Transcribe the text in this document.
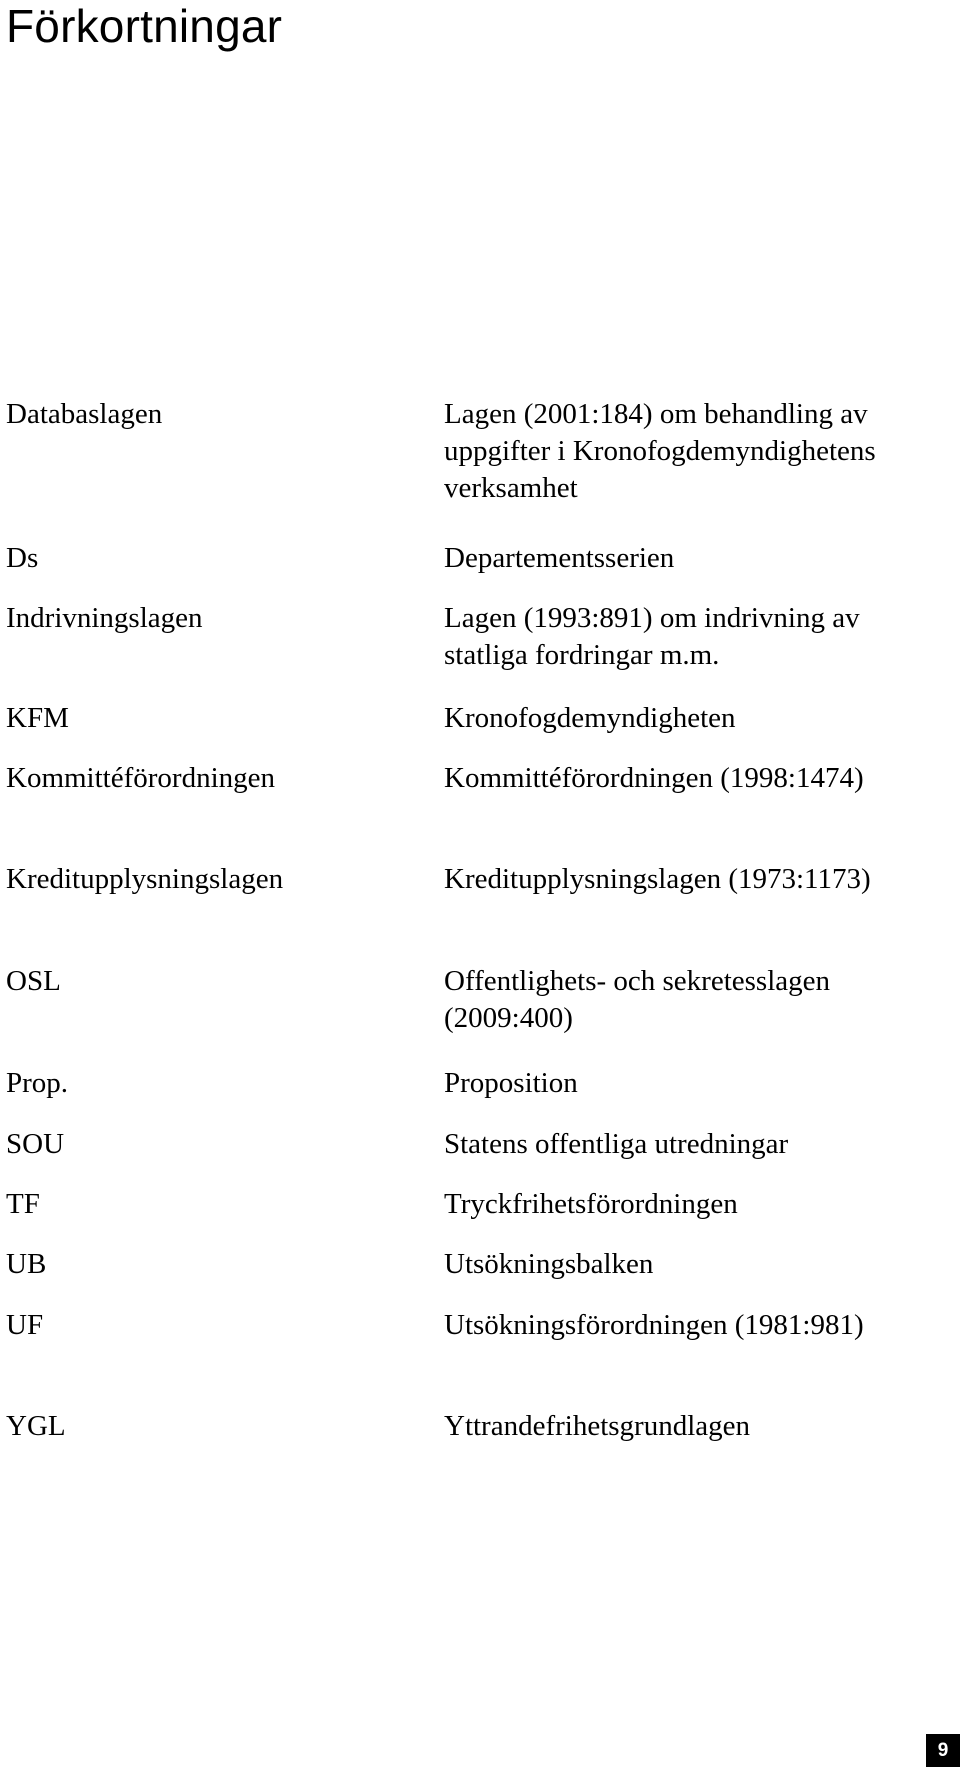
Förkortningar
Databaslagen	Lagen (2001:184) om behandling av uppgifter i Kronofogdemyndighetens verksamhet
Ds	Departementsserien
Indrivningslagen	Lagen (1993:891) om indrivning av statliga fordringar m.m.
KFM	Kronofogdemyndigheten
Kommittéförordningen	Kommittéförordningen (1998:1474)
Kreditupplysningslagen	Kreditupplysningslagen (1973:1173)
OSL	Offentlighets- och sekretesslagen (2009:400)
Prop.	Proposition
SOU	Statens offentliga utredningar
TF	Tryckfrihetsförordningen
UB	Utsökningsbalken
UF	Utsökningsförordningen (1981:981)
YGL	Yttrandefrihetsgrundlagen
9
